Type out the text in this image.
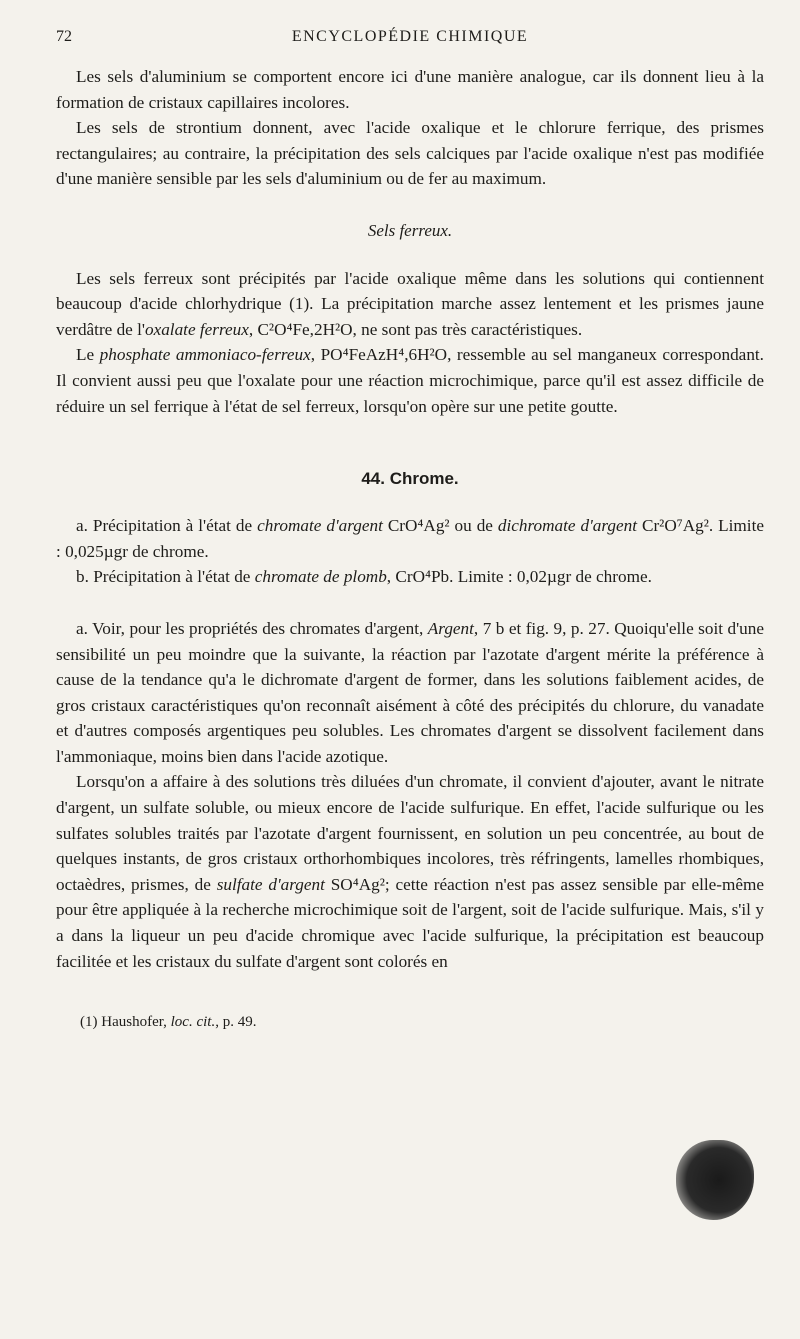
72	ENCYCLOPÉDIE CHIMIQUE

Les sels d'aluminium se comportent encore ici d'une manière analogue, car ils donnent lieu à la formation de cristaux capillaires incolores.

Les sels de strontium donnent, avec l'acide oxalique et le chlorure ferrique, des prismes rectangulaires; au contraire, la précipitation des sels calciques par l'acide oxalique n'est pas modifiée d'une manière sensible par les sels d'aluminium ou de fer au maximum.

Sels ferreux.

Les sels ferreux sont précipités par l'acide oxalique même dans les solutions qui contiennent beaucoup d'acide chlorhydrique (1). La précipitation marche assez lentement et les prismes jaune verdâtre de l'oxalate ferreux, C²O⁴Fe,2H²O, ne sont pas très caractéristiques.

Le phosphate ammoniaco-ferreux, PO⁴FeAzH⁴,6H²O, ressemble au sel manganeux correspondant. Il convient aussi peu que l'oxalate pour une réaction microchimique, parce qu'il est assez difficile de réduire un sel ferrique à l'état de sel ferreux, lorsqu'on opère sur une petite goutte.

44. Chrome.

a. Précipitation à l'état de chromate d'argent CrO⁴Ag² ou de dichromate d'argent Cr²O⁷Ag². Limite : 0,025µgr de chrome.

b. Précipitation à l'état de chromate de plomb, CrO⁴Pb. Limite : 0,02µgr de chrome.

a. Voir, pour les propriétés des chromates d'argent, Argent, 7 b et fig. 9, p. 27. Quoiqu'elle soit d'une sensibilité un peu moindre que la suivante, la réaction par l'azotate d'argent mérite la préférence à cause de la tendance qu'a le dichromate d'argent de former, dans les solutions faiblement acides, de gros cristaux caractéristiques qu'on reconnaît aisément à côté des précipités du chlorure, du vanadate et d'autres composés argentiques peu solubles. Les chromates d'argent se dissolvent facilement dans l'ammoniaque, moins bien dans l'acide azotique.

Lorsqu'on a affaire à des solutions très diluées d'un chromate, il convient d'ajouter, avant le nitrate d'argent, un sulfate soluble, ou mieux encore de l'acide sulfurique. En effet, l'acide sulfurique ou les sulfates solubles traités par l'azotate d'argent fournissent, en solution un peu concentrée, au bout de quelques instants, de gros cristaux orthorhombiques incolores, très réfringents, lamelles rhombiques, octaèdres, prismes, de sulfate d'argent SO⁴Ag²; cette réaction n'est pas assez sensible par elle-même pour être appliquée à la recherche microchimique soit de l'argent, soit de l'acide sulfurique. Mais, s'il y a dans la liqueur un peu d'acide chromique avec l'acide sulfurique, la précipitation est beaucoup facilitée et les cristaux du sulfate d'argent sont colorés en

(1) Haushofer, loc. cit., p. 49.
